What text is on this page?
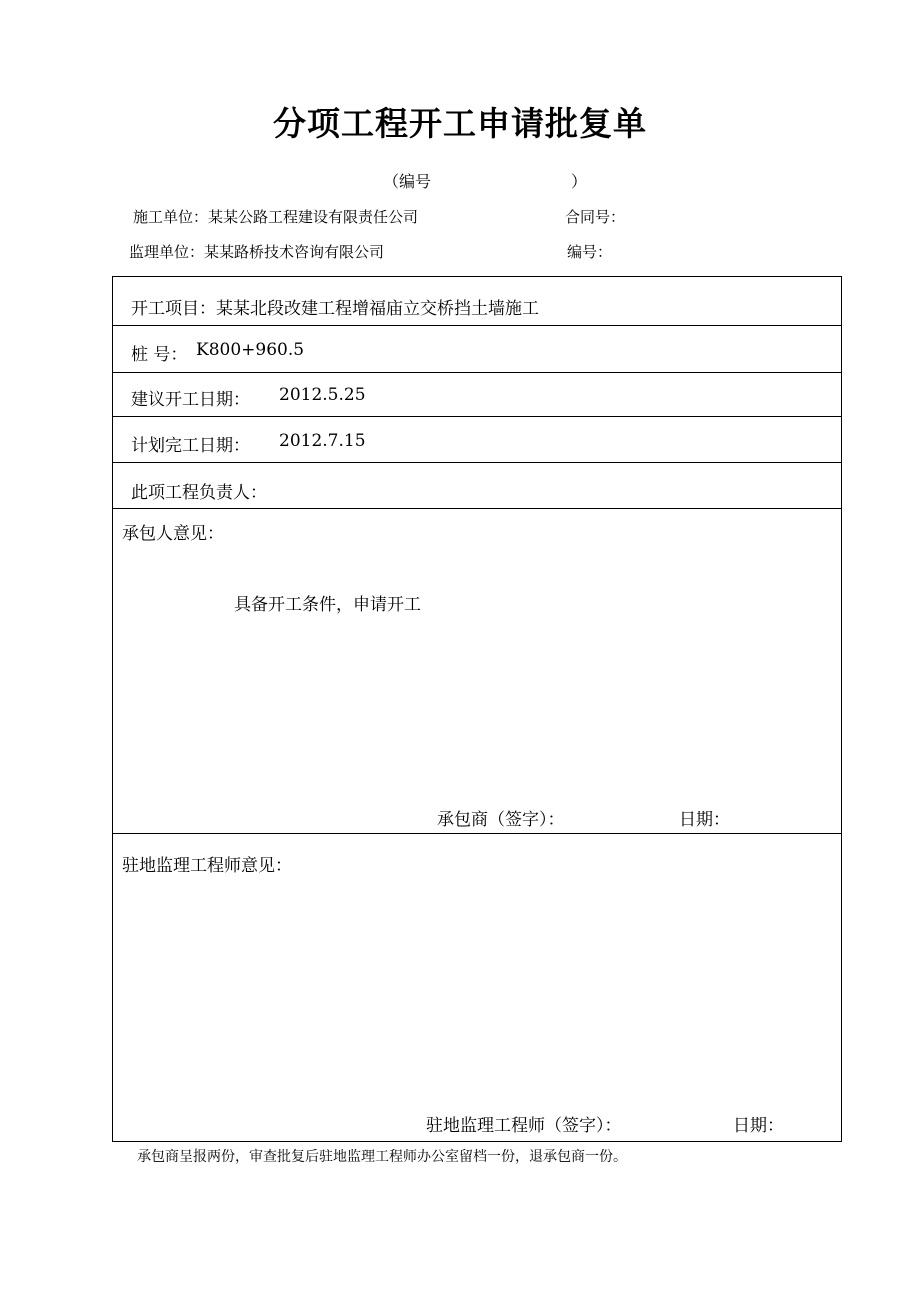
分项工程开工申请批复单
（编号	）
施工单位：某某公路工程建设有限责任公司	合同号：
监理单位：某某路桥技术咨询有限公司	编号：
开工项目： 某某北段改建工程增福庙立交桥挡土墙施工
桩 号： K800+960.5
建议开工日期： 2012.5.25
计划完工日期： 2012.7.15
此项工程负责人：
承包人意见：
具备开工条件，申请开工
承包商（签字）：	日期：
驻地监理工程师意见：
驻地监理工程师（签字）：	日期：
承包商呈报两份，审查批复后驻地监理工程师办公室留档一份，退承包商一份。
